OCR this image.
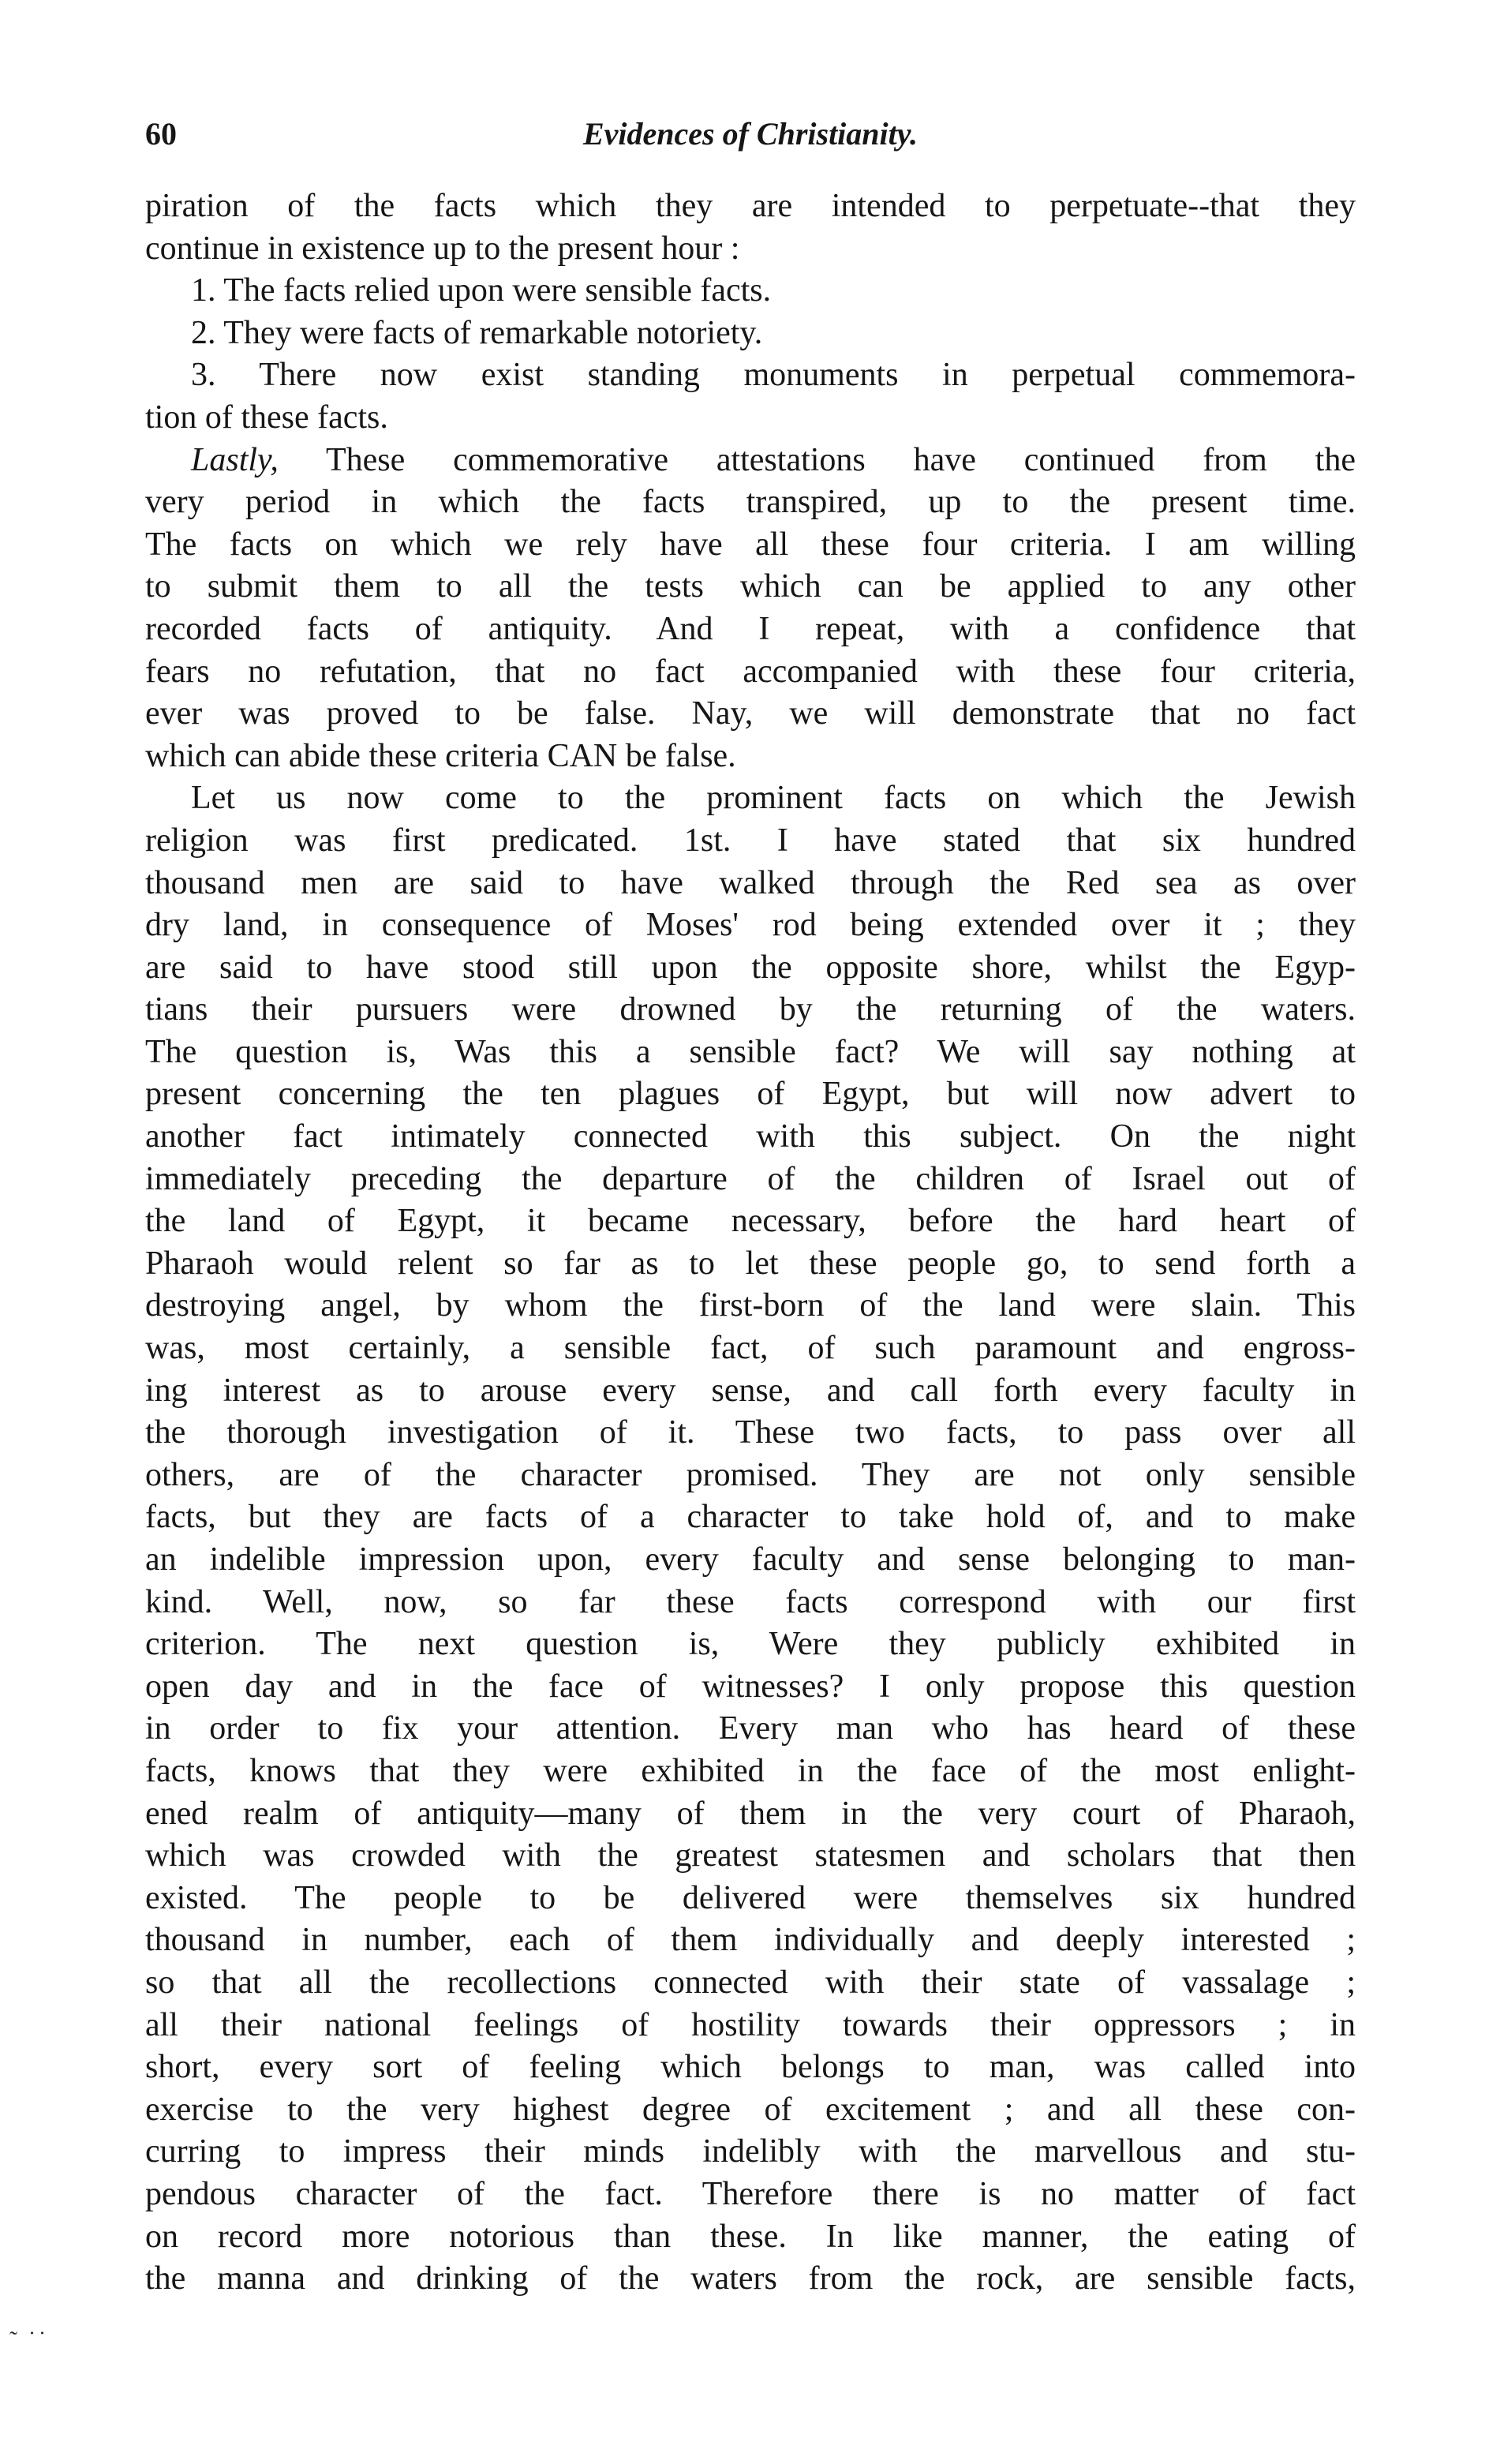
60	Evidences of Christianity.
piration of the facts which they are intended to perpetuate--that they
continue in existence up to the present hour :
1. The facts relied upon were sensible facts.
2. They were facts of remarkable notoriety.
3. There now exist standing monuments in perpetual commemora-
tion of these facts.
Lastly, These commemorative attestations have continued from the
very period in which the facts transpired, up to the present time.
The facts on which we rely have all these four criteria. I am willing
to submit them to all the tests which can be applied to any other
recorded facts of antiquity. And I repeat, with a confidence that
fears no refutation, that no fact accompanied with these four criteria,
ever was proved to be false. Nay, we will demonstrate that no fact
which can abide these criteria CAN be false.
Let us now come to the prominent facts on which the Jewish
religion was first predicated. 1st. I have stated that six hundred
thousand men are said to have walked through the Red sea as over
dry land, in consequence of Moses' rod being extended over it ; they
are said to have stood still upon the opposite shore, whilst the Egyp-
tians their pursuers were drowned by the returning of the waters.
The question is, Was this a sensible fact? We will say nothing at
present concerning the ten plagues of Egypt, but will now advert to
another fact intimately connected with this subject. On the night
immediately preceding the departure of the children of Israel out of
the land of Egypt, it became necessary, before the hard heart of
Pharaoh would relent so far as to let these people go, to send forth a
destroying angel, by whom the first-born of the land were slain. This
was, most certainly, a sensible fact, of such paramount and engross-
ing interest as to arouse every sense, and call forth every faculty in
the thorough investigation of it. These two facts, to pass over all
others, are of the character promised. They are not only sensible
facts, but they are facts of a character to take hold of, and to make
an indelible impression upon, every faculty and sense belonging to man-
kind. Well, now, so far these facts correspond with our first
criterion. The next question is, Were they publicly exhibited in
open day and in the face of witnesses? I only propose this question
in order to fix your attention. Every man who has heard of these
facts, knows that they were exhibited in the face of the most enlight-
ened realm of antiquity—many of them in the very court of Pharaoh,
which was crowded with the greatest statesmen and scholars that then
existed. The people to be delivered were themselves six hundred
thousand in number, each of them individually and deeply interested ;
so that all the recollections connected with their state of vassalage ;
all their national feelings of hostility towards their oppressors ; in
short, every sort of feeling which belongs to man, was called into
exercise to the very highest degree of excitement ; and all these con-
curring to impress their minds indelibly with the marvellous and stu-
pendous character of the fact. Therefore there is no matter of fact
on record more notorious than these. In like manner, the eating of
the manna and drinking of the waters from the rock, are sensible facts,
˜ ˙˙
